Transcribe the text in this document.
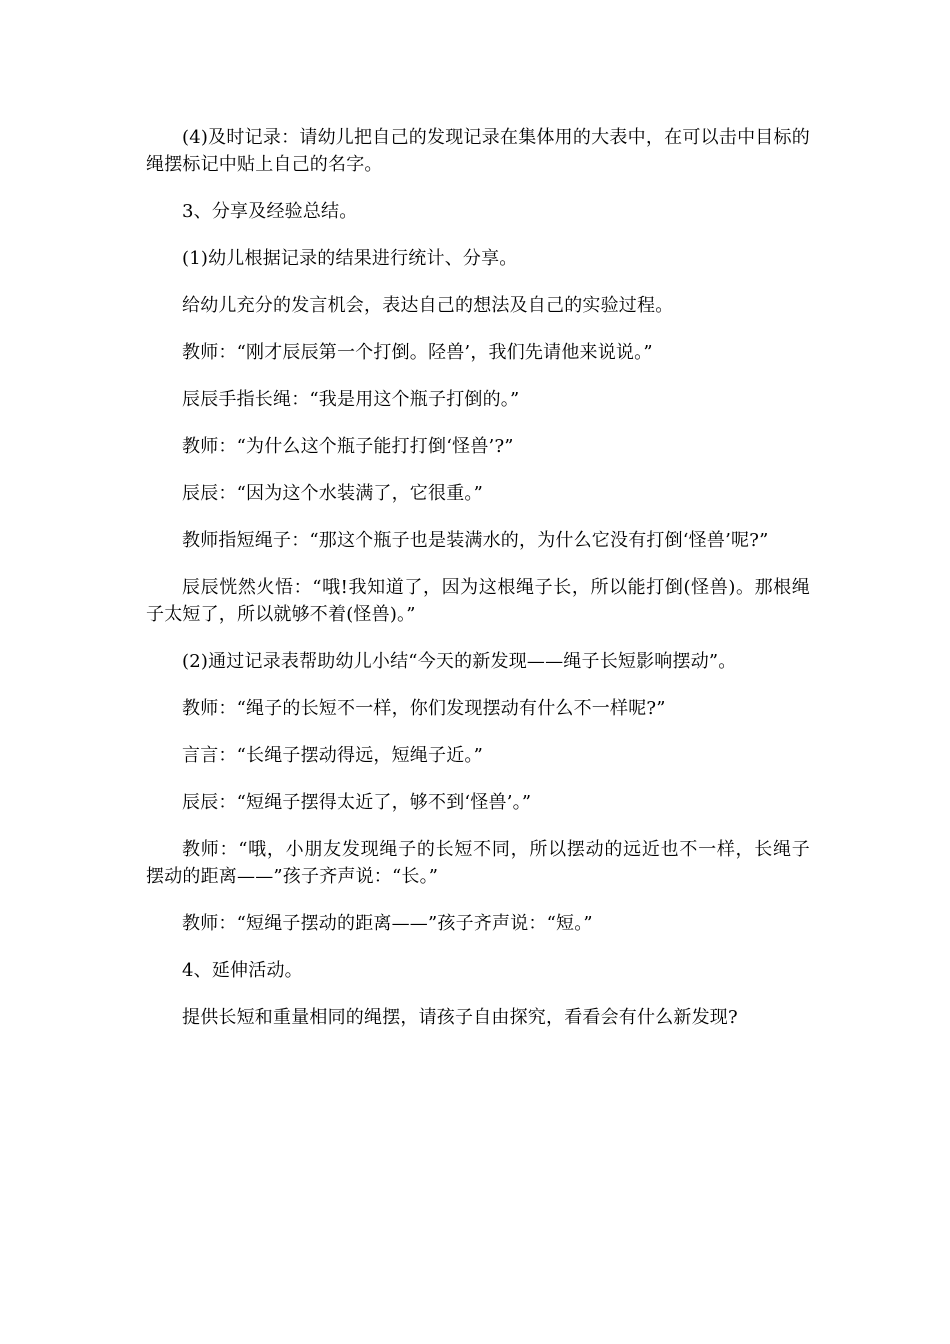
(4)及时记录：请幼儿把自己的发现记录在集体用的大表中，在可以击中目标的绳摆标记中贴上自己的名字。

3、分享及经验总结。

(1)幼儿根据记录的结果进行统计、分享。

给幼儿充分的发言机会，表达自己的想法及自己的实验过程。

教师：“刚才辰辰第一个打倒。陉兽’，我们先请他来说说。”

辰辰手指长绳：“我是用这个瓶子打倒的。”

教师：“为什么这个瓶子能打打倒‘怪兽’?”

辰辰：“因为这个水装满了，它很重。”

教师指短绳子：“那这个瓶子也是装满水的，为什么它没有打倒‘怪兽’呢?”

辰辰恍然火悟：“哦!我知道了，因为这根绳子长，所以能打倒(怪兽)。那根绳子太短了，所以就够不着(怪兽)。”

(2)通过记录表帮助幼儿小结“今天的新发现——绳子长短影响摆动”。

教师：“绳子的长短不一样，你们发现摆动有什么不一样呢?”

言言：“长绳子摆动得远，短绳子近。”

辰辰：“短绳子摆得太近了，够不到‘怪兽’。”

教师：“哦，小朋友发现绳子的长短不同，所以摆动的远近也不一样，长绳子摆动的距离——”孩子齐声说：“长。”

教师：“短绳子摆动的距离——”孩子齐声说：“短。”

4、延伸活动。

提供长短和重量相同的绳摆，请孩子自由探究，看看会有什么新发现?
